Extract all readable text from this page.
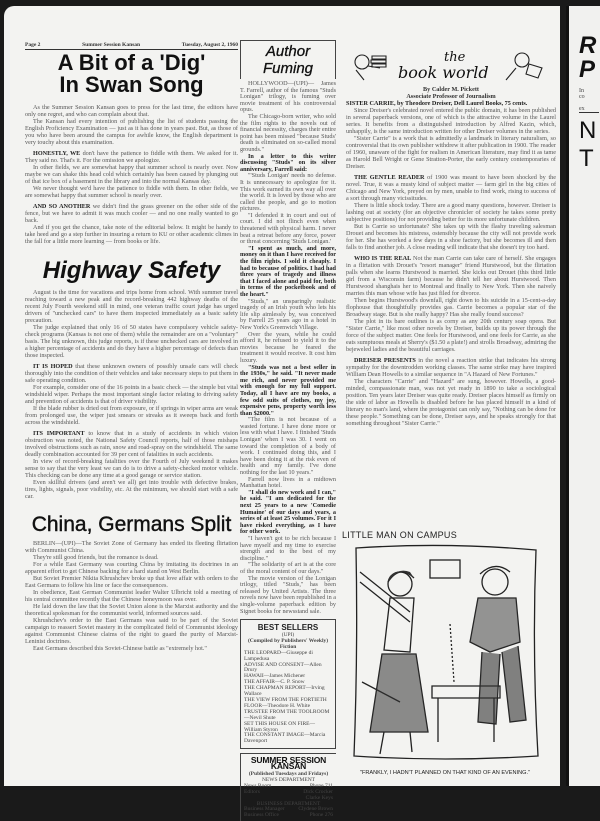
Page 2	Summer Session Kansan	Tuesday, August 2, 1960
A Bit of a 'Dig'
In Swan Song

As the Summer Session Kansan goes to press for the last time, the editors have only one regret, and who can complain about that.

The Kansan had every intention of publishing the list of students passing the English Proficiency Examination — just as it has done in years past. But, as those of you who have been around the campus for awhile know, the English department is very touchy about this examination.

HONESTLY, WE don't have the patience to fiddle with them. We asked for it. They said no. That's it. For the omission we apologize.

In other fields, we are somewhat happy that summer school is nearly over. Now maybe we can shake this head cold which certainly has been caused by plunging out of that ice box of a basement in the library and into the normal Kansas day.

We never thought we'd have the patience to fiddle with them. In other fields, we are somewhat happy that summer school is nearly over.

AND SO ANOTHER we didn't find the grass greener on the other side of the fence, but we have to admit it was much cooler — and no one really wanted to go back.

And if you get the chance, take note of the editorial below. It might be handy to take heed and go a step further in insuring a return to KU or other academic climes in the fall for a little more learning — from books or life.

Highway Safety

August is the time for vacations and trips home from school. With summer travel reaching toward a new peak and the record-breaking 442 highway deaths of the recent July Fourth weekend still in mind, one veteran traffic court judge has urged drivers of "unchecked cars" to have them inspected immediately as a basic safety precaution.

The judge explained that only 16 of 50 states have compulsory vehicle safety-check programs (Kansas is not one of them) while the remainder are on a "voluntary" basis. The big unknown, this judge reports, is if these unchecked cars are involved in a higher percentage of accidents and do they have a higher percentage of defects than those inspected.

IT IS HOPED that these unknown owners of possibly unsafe cars will check thoroughly into the condition of their vehicles and take necessary steps to put them in safe operating condition.

For example, consider one of the 16 points in a basic check — the simple but vital windshield wiper. Perhaps the most important single factor relating to driving safety and prevention of accidents is that of driver visibility.

If the blade rubber is dried out from exposure, or if springs in wiper arms are weak from prolonged use, the wiper just smears or streaks as it sweeps back and forth across the windshield.

ITS IMPORTANT to know that in a study of accidents in which vision obstruction was noted, the National Safety Council reports, half of those mishaps involved obstructions such as rain, snow and road-spray on the windshield. The same deadly combination accounted for 39 per cent of fatalities in such accidents.

In view of record-breaking fatalities over the Fourth of July weekend it makes sense to say that the very least we can do is to drive a safety-checked motor vehicle. This checking can be done any time at a good garage or service station.

Even skillful drivers (and aren't we all) get into trouble with defective brakes, tires, lights, signals, poor visibility, etc. At the minimum, we should start with a safe car.

China, Germans Split

BERLIN—(UPI)—The Soviet Zone of Germany has ended its fleeting flirtation with Communist China.

They're still good friends, but the romance is dead.

For a while East Germany was courting China by imitating its doctrines in an apparent effort to get Chinese backing for a hard stand on West Berlin.

But Soviet Premier Nikita Khrushchev broke up that love affair with orders to the East Germans to follow his line or face the consequences.

In obedience, East German Communist leader Walter Ulbricht told a meeting of his central committee recently that the Chinese honeymoon was over.

He laid down the law that the Soviet Union alone is the Marxist authority and the theoretical spokesman for the communist world, informed sources said.

Khrushchev's order to the East Germans was said to be part of the Soviet campaign to reassert Soviet mastery in the complicated field of Communist ideology against Communist Chinese claims of the right to guard the purity of Marxist-Leninist doctrines.

East Germans described this Soviet-Chinese battle as "extremely hot."

Author
Fuming

HOLLYWOOD—(UPI)— James T. Farrell, author of the famous "Studs Lonigan" trilogy, is fuming over movie treatment of his controversial opus.

The Chicago-born writer, who sold the film rights to the novels out of financial necessity, charges their entire point has been missed "because Studs' death is eliminated on so-called moral grounds."

In a letter to this writer discussing "Studs" on its silver anniversary, Farrell said:

"'Studs Lonigan' needs no defense. It is unnecessary to apologize for it. This work earned its own way all over the world. It is loved by those who are called the people, and go to motion pictures.

"I defended it in court and out of court. I did not flinch even when threatened with physical harm. I never beat a retreat before any force, power or threat concerning 'Studs Lonigan.'

"I spent as much, and more, money on it than I have received for the film rights. I sold it cheaply. I had to because of politics. I had had three years of tragedy and illness that I faced alone and paid for, both in terms of the pocketbook and of the heart."

"Studs," an unsparingly realistic tragedy of an Irish youth who lets his life slip aimlessly by, was conceived by Farrell 25 years ago in a hotel in New York's Greenwich Village.

Over the years, while he could afford it, he refused to yield it to the movies because he feared the treatment it would receive. It cost him luxury.

"Studs was not a best seller in the 1930s," he said. "It never made me rich, and never provided me with enough for my full support. Today, all I have are my books, a few odd suits of clothes, my joy, expensive pens, property worth less than $2000."

"The film is not because of a wasted fortune. I have done more or less with what I have. I finished 'Studs Lonigan' when I was 30. I went on toward the completion of a body of work. I continued doing this, and I have been doing it at the risk even of health and my family. I've done nothing for the last 10 years."

Farrell now lives in a midtown Manhattan hotel.

"I shall do new work and I can," he said. "I am dedicated for the next 25 years to a new 'Comedie Humaine' of our days and years, a series of at least 25 volumes. For it I have risked everything, as I have for other work.

"I haven't got to be rich because I have myself and my time to exercise strength and to the best of my discipline."

"The solidarity of art is at the core of the moral content of our days."

The movie version of the Lonigan trilogy, titled "Studs," has been released by United Artists. The three novels now have been republished in a single-volume paperback edition by Signet books for newsstand sale.

BEST SELLERS
(UPI)
(Compiled by Publishers' Weekly)
Fiction
THE LEOPARD—Giuseppe di Lampedusa
ADVISE AND CONSENT—Allen Drury
HAWAII—James Michener
THE AFFAIR—C. P. Snow
THE CHAPMAN REPORT—Irving Wallace
THE VIEW FROM THE FORTIETH FLOOR—Theodore H. White
TRUSTEE FROM THE TOOLROOM—Nevil Shute
SET THIS HOUSE ON FIRE—William Styron
THE CONSTANT IMAGE—Marcia Davenport
SUMMER SESSION KANSAN
(Published Tuesdays and Fridays)
NEWS DEPARTMENT
News Room	Phone 711
Editors	Dick Crocker
Clarke Keys
BUSINESS DEPARTMENT
Business Manager	Clydene Brown
Business Office	Phone 276
the
book world
By Calder M. Pickett
Associate Professor of Journalism
SISTER CARRIE, by Theodore Dreiser, Dell Laurel Books, 75 cents.

Since Dreiser's celebrated novel entered the public domain, it has been published in several paperback versions, one of which is the attractive volume in the Laurel series. It benefits from a distinguished introduction by Alfred Kazin, which, unhappily, is the same introduction written for other Dreiser volumes in the series.

"Sister Carrie" is a work that is admittedly a landmark in literary naturalism, so controversial that its own publisher withdrew it after publication in 1900. The reader of 1960, unaware of the fight for realism in American literature, may find it as tame as Harold Bell Wright or Gene Stratton-Porter, the early century contemporaries of Dreiser.

THE GENTLE READER of 1900 was meant to have been shocked by the novel. True, it was a musty kind of subject matter — farm girl in the big cities of Chicago and New York, preyed on by men, unable to find work, rising to success of a sort through many vicissitudes.

There is little shock today. There are a good many questions, however. Dreiser is lashing out at society (for an objective chronicler of society he takes some pretty subjective positions) for not providing better for its more unfortunate children.

But is Carrie so unfortunate? She takes up with the flashy traveling salesman Drouet and becomes his mistress, ostensibly because the city will not provide work for her. She has worked a few days in a shoe factory, but she becomes ill and then falls to find another job. A close reading will indicate that she doesn't try too hard.

WHO IS THE REAL Not the man Carrie can take care of herself. She engages in a flirtation with Drouet's "resort manager" friend Hurstwood, but the flirtation palls when she learns Hurstwood is married. She kicks out Drouet (this third little girl from a Wisconsin farm) because he didn't tell her about Hurstwood. Then Hurstwood shanghais her to Montreal and finally to New York. Then she naively marries this man whose wife has just filed for divorce.

Then begins Hurstwood's downfall, right down to his suicide in a 15-cent-a-day flophouse that thoughtfully provides gas. Carrie becomes a popular star of the Broadway stage. But is she really happy? Has she really found success?

The plot in its bare outlines is as corny as any 20th century soap opera. But "Sister Carrie," like most other novels by Dreiser, builds up its power through the force of the subject matter. One feels for Hurstwood, and one feels for Carrie, as she eats sumptuous meals at Sherry's ($1.50 a plate!) and strolls Broadway, admiring the bejeweled ladies and the beautiful carriages.

DREISER PRESENTS in the novel a reaction strike that indicates his strong sympathy for the downtrodden working classes. The same strike may have inspired William Dean Howells to a similar sequence in "A Hazard of New Fortunes."

The characters "Carrie" and "Hazard" are sung, however. Howells, a good-minded, compassionate man, was not yet ready in 1890 to take a sociological position. Ten years later Dreiser was quite ready. Dreiser places himself as firmly on the side of labor as Howells is disabled before he has placed himself in a kind of literary no man's land, where the protagonist can only say, "Nothing can be done for these people." Something can be done, Dreiser says, and he speaks strongly for that something throughout "Sister Carrie."

LITTLE MAN ON CAMPUS
"FRANKLY, I HADN'T PLANNED ON THAT KIND OF AN EVENING."
R
P
In
co
ex
N
T
